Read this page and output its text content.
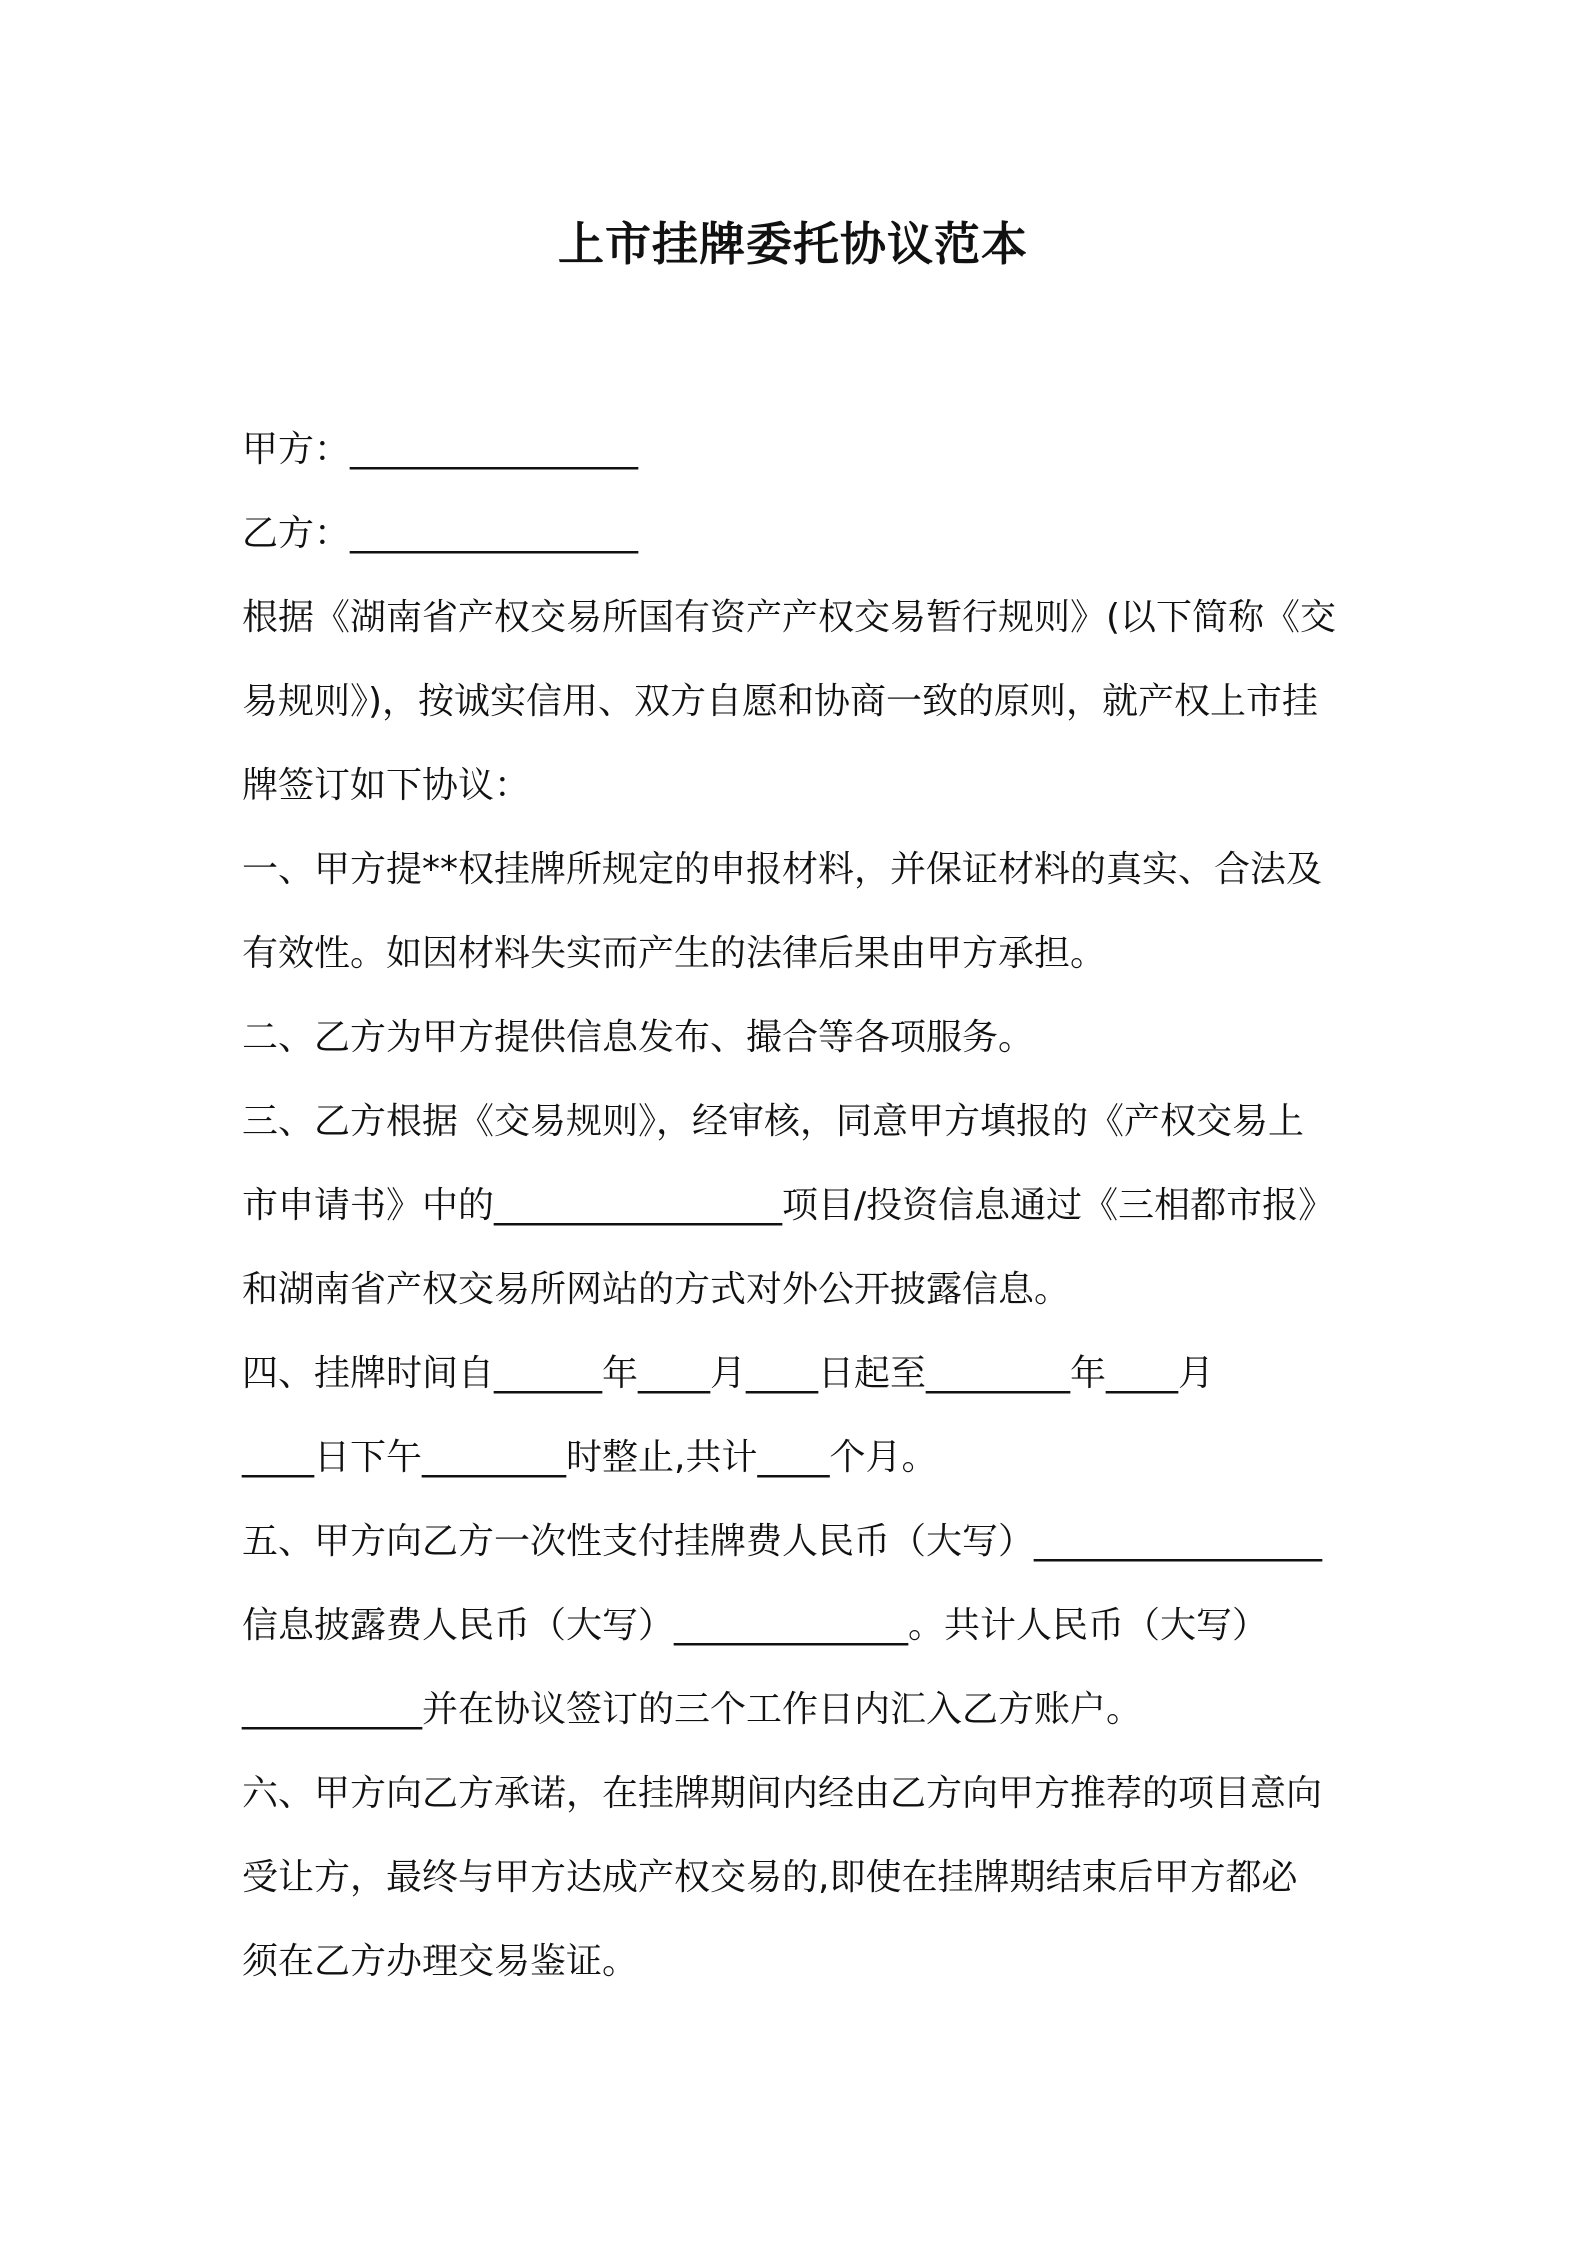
上市挂牌委托协议范本
甲方：________________
乙方：________________
根据《湖南省产权交易所国有资产产权交易暂行规则》(以下简称《交
易规则》)，按诚实信用、双方自愿和协商一致的原则，就产权上市挂
牌签订如下协议：
一、甲方提**权挂牌所规定的申报材料，并保证材料的真实、合法及
有效性。如因材料失实而产生的法律后果由甲方承担。
二、乙方为甲方提供信息发布、撮合等各项服务。
三、乙方根据《交易规则》，经审核，同意甲方填报的《产权交易上
市申请书》中的________________项目/投资信息通过《三相都市报》
和湖南省产权交易所网站的方式对外公开披露信息。
四、挂牌时间自______年____月____日起至________年____月
____日下午________时整止,共计____个月。
五、甲方向乙方一次性支付挂牌费人民币（大写）________________
信息披露费人民币（大写）_____________。共计人民币（大写）
__________并在协议签订的三个工作日内汇入乙方账户。
六、甲方向乙方承诺，在挂牌期间内经由乙方向甲方推荐的项目意向
受让方，最终与甲方达成产权交易的,即使在挂牌期结束后甲方都必
须在乙方办理交易鉴证。
